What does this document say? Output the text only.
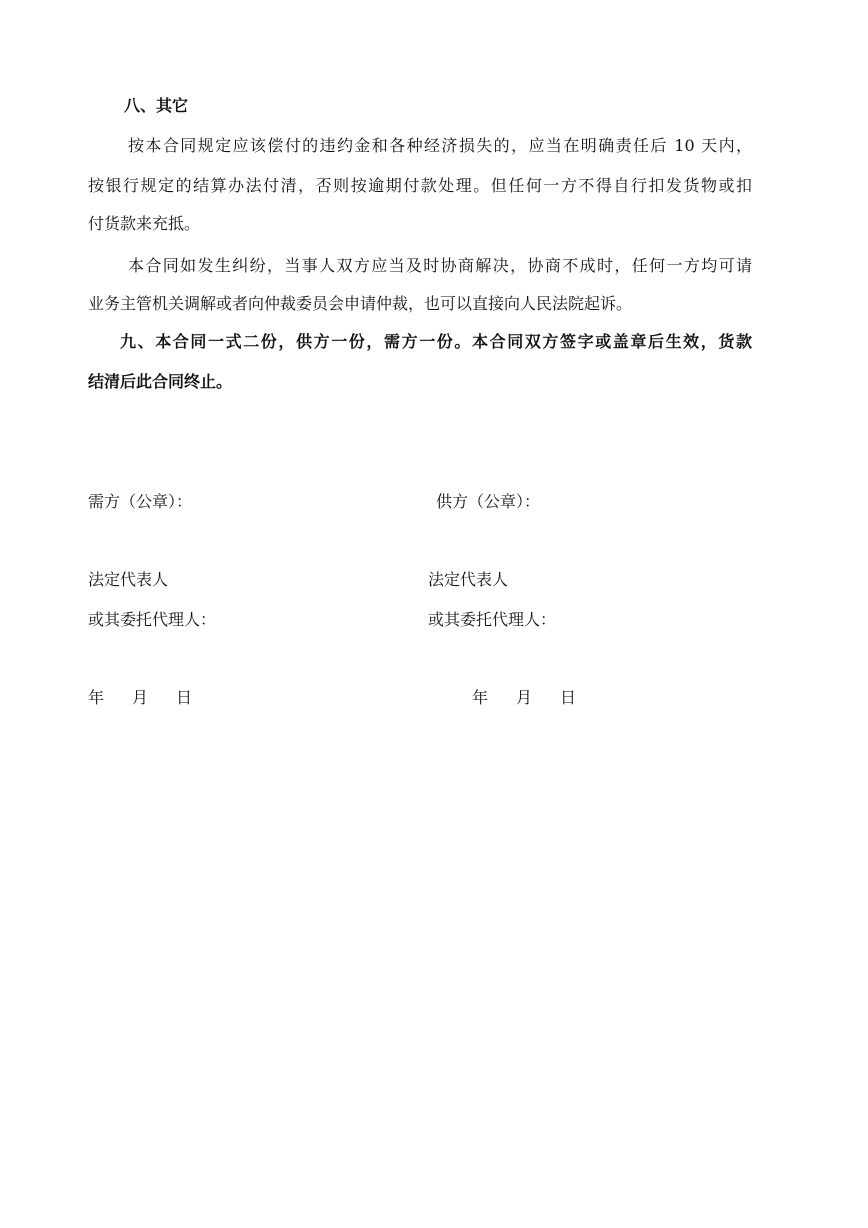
八、其它
按本合同规定应该偿付的违约金和各种经济损失的，应当在明确责任后 10 天内，
按银行规定的结算办法付清，否则按逾期付款处理。但任何一方不得自行扣发货物或扣
付货款来充抵。
本合同如发生纠纷，当事人双方应当及时协商解决，协商不成时，任何一方均可请
业务主管机关调解或者向仲裁委员会申请仲裁，也可以直接向人民法院起诉。
九、本合同一式二份，供方一份，需方一份。本合同双方签字或盖章后生效，货款
结清后此合同终止。
需方（公章）：
法定代表人
或其委托代理人：
年 月 日
供方（公章）：
法定代表人
或其委托代理人：
年 月 日
